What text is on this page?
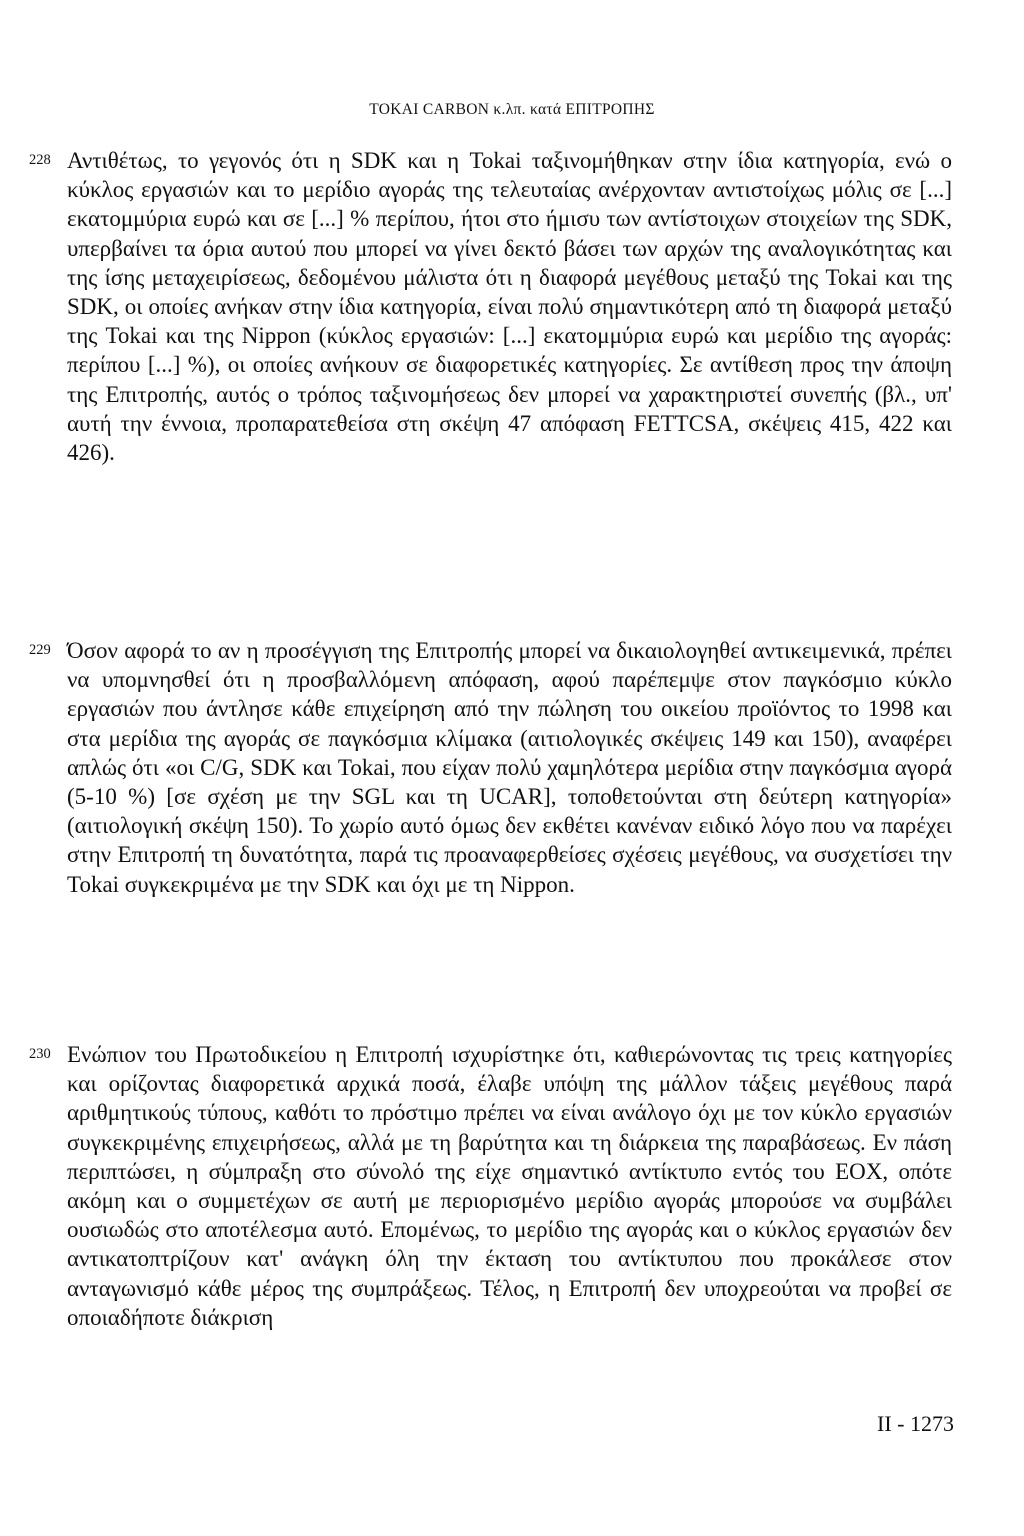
TOKAI CARBON κ.λπ. κατά ΕΠΙΤΡΟΠΗΣ
228 Αντιθέτως, το γεγονός ότι η SDK και η Tokai ταξινομήθηκαν στην ίδια κατηγορία, ενώ ο κύκλος εργασιών και το μερίδιο αγοράς της τελευταίας ανέρχονταν αντιστοίχως μόλις σε [...] εκατομμύρια ευρώ και σε [...] % περίπου, ήτοι στο ήμισυ των αντίστοιχων στοιχείων της SDK, υπερβαίνει τα όρια αυτού που μπορεί να γίνει δεκτό βάσει των αρχών της αναλογικότητας και της ίσης μεταχειρίσεως, δεδομένου μάλιστα ότι η διαφορά μεγέθους μεταξύ της Tokai και της SDK, οι οποίες ανήκαν στην ίδια κατηγορία, είναι πολύ σημαντικότερη από τη διαφορά μεταξύ της Tokai και της Nippon (κύκλος εργασιών: [...] εκατομμύρια ευρώ και μερίδιο της αγοράς: περίπου [...] %), οι οποίες ανήκουν σε διαφορετικές κατηγορίες. Σε αντίθεση προς την άποψη της Επιτροπής, αυτός ο τρόπος ταξινομήσεως δεν μπορεί να χαρακτηριστεί συνεπής (βλ., υπ' αυτή την έννοια, προπαρατεθείσα στη σκέψη 47 απόφαση FETTCSA, σκέψεις 415, 422 και 426).
229 Όσον αφορά το αν η προσέγγιση της Επιτροπής μπορεί να δικαιολογηθεί αντικειμενικά, πρέπει να υπομνησθεί ότι η προσβαλλόμενη απόφαση, αφού παρέπεμψε στον παγκόσμιο κύκλο εργασιών που άντλησε κάθε επιχείρηση από την πώληση του οικείου προϊόντος το 1998 και στα μερίδια της αγοράς σε παγκόσμια κλίμακα (αιτιολογικές σκέψεις 149 και 150), αναφέρει απλώς ότι «οι C/G, SDK και Tokai, που είχαν πολύ χαμηλότερα μερίδια στην παγκόσμια αγορά (5-10 %) [σε σχέση με την SGL και τη UCAR], τοποθετούνται στη δεύτερη κατηγορία» (αιτιολογική σκέψη 150). Το χωρίο αυτό όμως δεν εκθέτει κανέναν ειδικό λόγο που να παρέχει στην Επιτροπή τη δυνατότητα, παρά τις προαναφερθείσες σχέσεις μεγέθους, να συσχετίσει την Tokai συγκεκριμένα με την SDK και όχι με τη Nippon.
230 Ενώπιον του Πρωτοδικείου η Επιτροπή ισχυρίστηκε ότι, καθιερώνοντας τις τρεις κατηγορίες και ορίζοντας διαφορετικά αρχικά ποσά, έλαβε υπόψη της μάλλον τάξεις μεγέθους παρά αριθμητικούς τύπους, καθότι το πρόστιμο πρέπει να είναι ανάλογο όχι με τον κύκλο εργασιών συγκεκριμένης επιχειρήσεως, αλλά με τη βαρύτητα και τη διάρκεια της παραβάσεως. Εν πάση περιπτώσει, η σύμπραξη στο σύνολό της είχε σημαντικό αντίκτυπο εντός του ΕΟΧ, οπότε ακόμη και ο συμμετέχων σε αυτή με περιορισμένο μερίδιο αγοράς μπορούσε να συμβάλει ουσιωδώς στο αποτέλεσμα αυτό. Επομένως, το μερίδιο της αγοράς και ο κύκλος εργασιών δεν αντικατοπτρίζουν κατ' ανάγκη όλη την έκταση του αντίκτυπου που προκάλεσε στον ανταγωνισμό κάθε μέρος της συμπράξεως. Τέλος, η Επιτροπή δεν υποχρεούται να προβεί σε οποιαδήποτε διάκριση
II - 1273
